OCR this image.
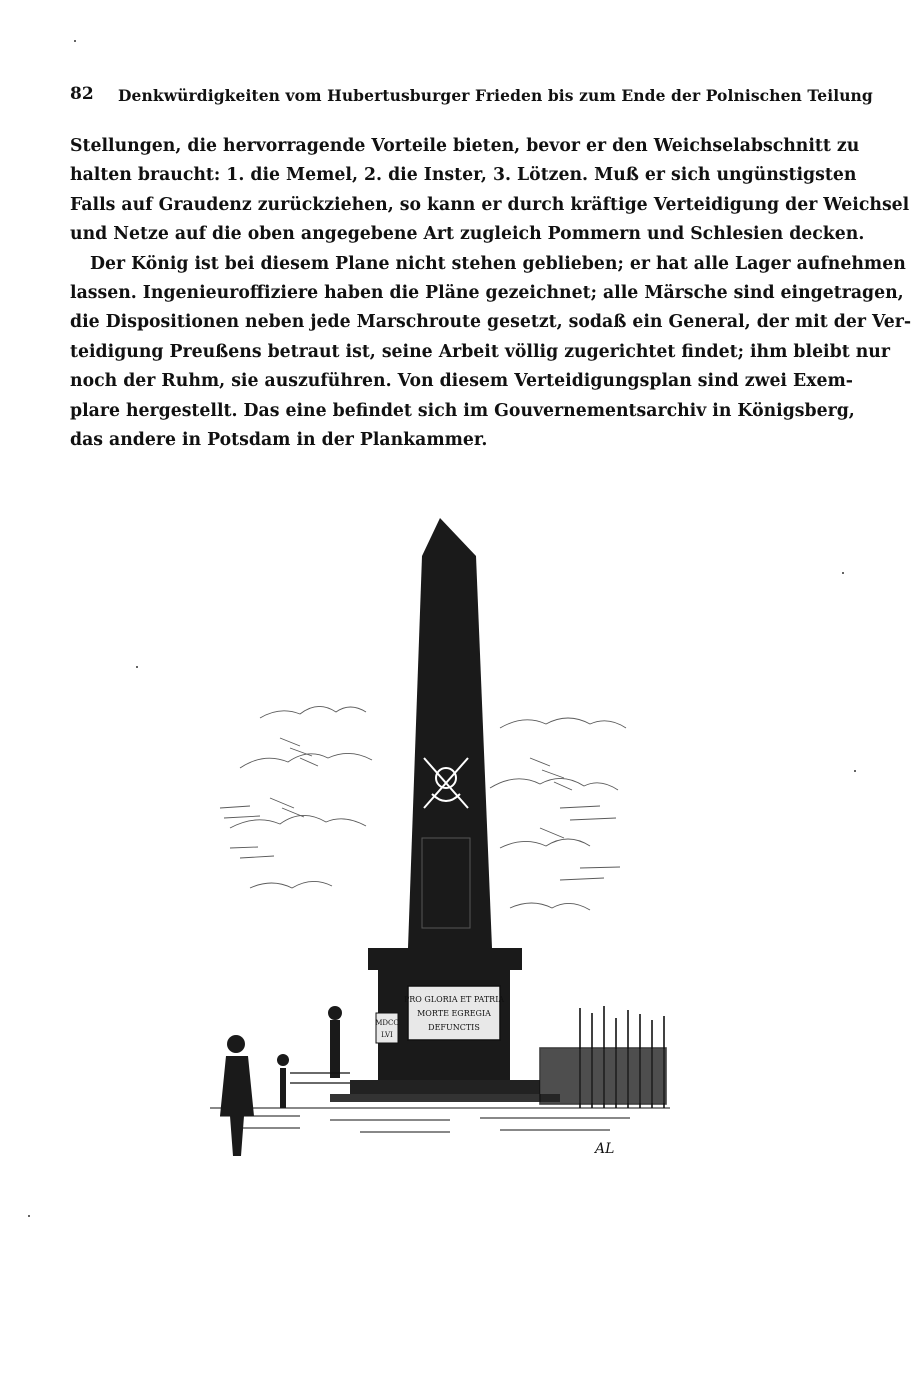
82 Denkwürdigkeiten vom Hubertusburger Frieden bis zum Ende der Polnischen Teilung
Stellungen, die hervorragende Vorteile bieten, bevor er den Weichselabschnitt zu
halten braucht: 1. die Memel, 2. die Inster, 3. Lötzen. Muß er sich ungünstigsten
Falls auf Graudenz zurückziehen, so kann er durch kräftige Verteidigung der Weichsel
und Netze auf die oben angegebene Art zugleich Pommern und Schlesien decken.
Der König ist bei diesem Plane nicht stehen geblieben; er hat alle Lager aufnehmen
lassen. Ingenieuroffiziere haben die Pläne gezeichnet; alle Märsche sind eingetragen,
die Dispositionen neben jede Marschroute gesetzt, sodaß ein General, der mit der Ver-
teidigung Preußens betraut ist, seine Arbeit völlig zugerichtet findet; ihm bleibt nur
noch der Ruhm, sie auszuführen. Von diesem Verteidigungsplan sind zwei Exem-
plare hergestellt. Das eine befindet sich im Gouvernementsarchiv in Königsberg,
das andere in Potsdam in der Plankammer.
PRO GLORIA ET PATRIA
MORTE EGREGIA
DEFUNCTIS
MDCC
LVI
AL
